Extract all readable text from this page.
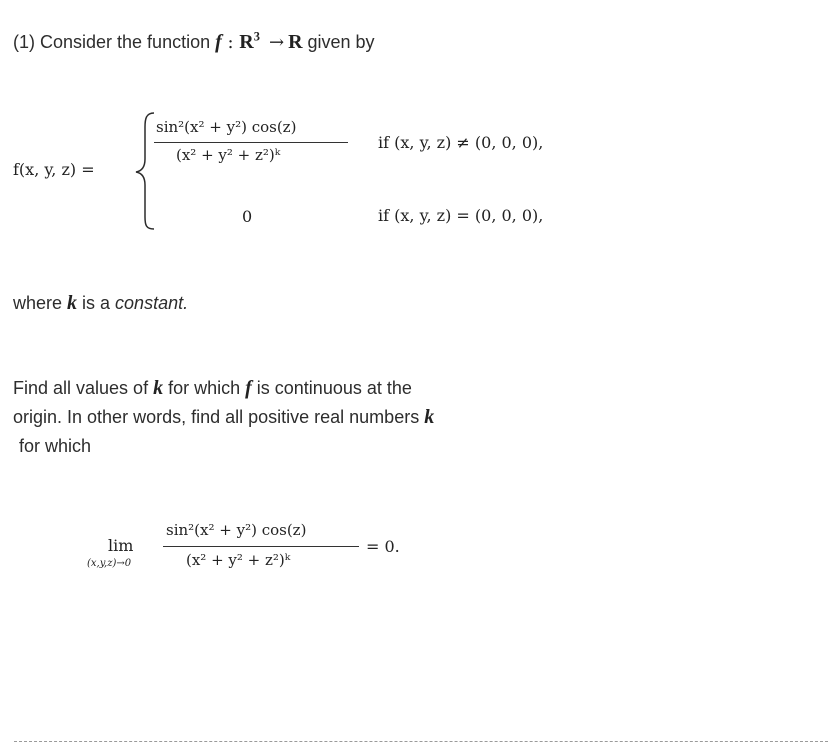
(1) Consider the function f : $R^3 \to R$ given by
f(x, y, z) =
sin²(x² + y²) cos(z)
(x² + y² + z²)ᵏ
if (x, y, z) ≠ (0, 0, 0),
0	if (x, y, z) = (0, 0, 0),
where k is a constant.
Find all values of k for which f is continuous at the
origin. In other words, find all positive real numbers k
for which
lim
(x,y,z)→0
sin²(x² + y²) cos(z)
(x² + y² + z²)ᵏ
= 0.
